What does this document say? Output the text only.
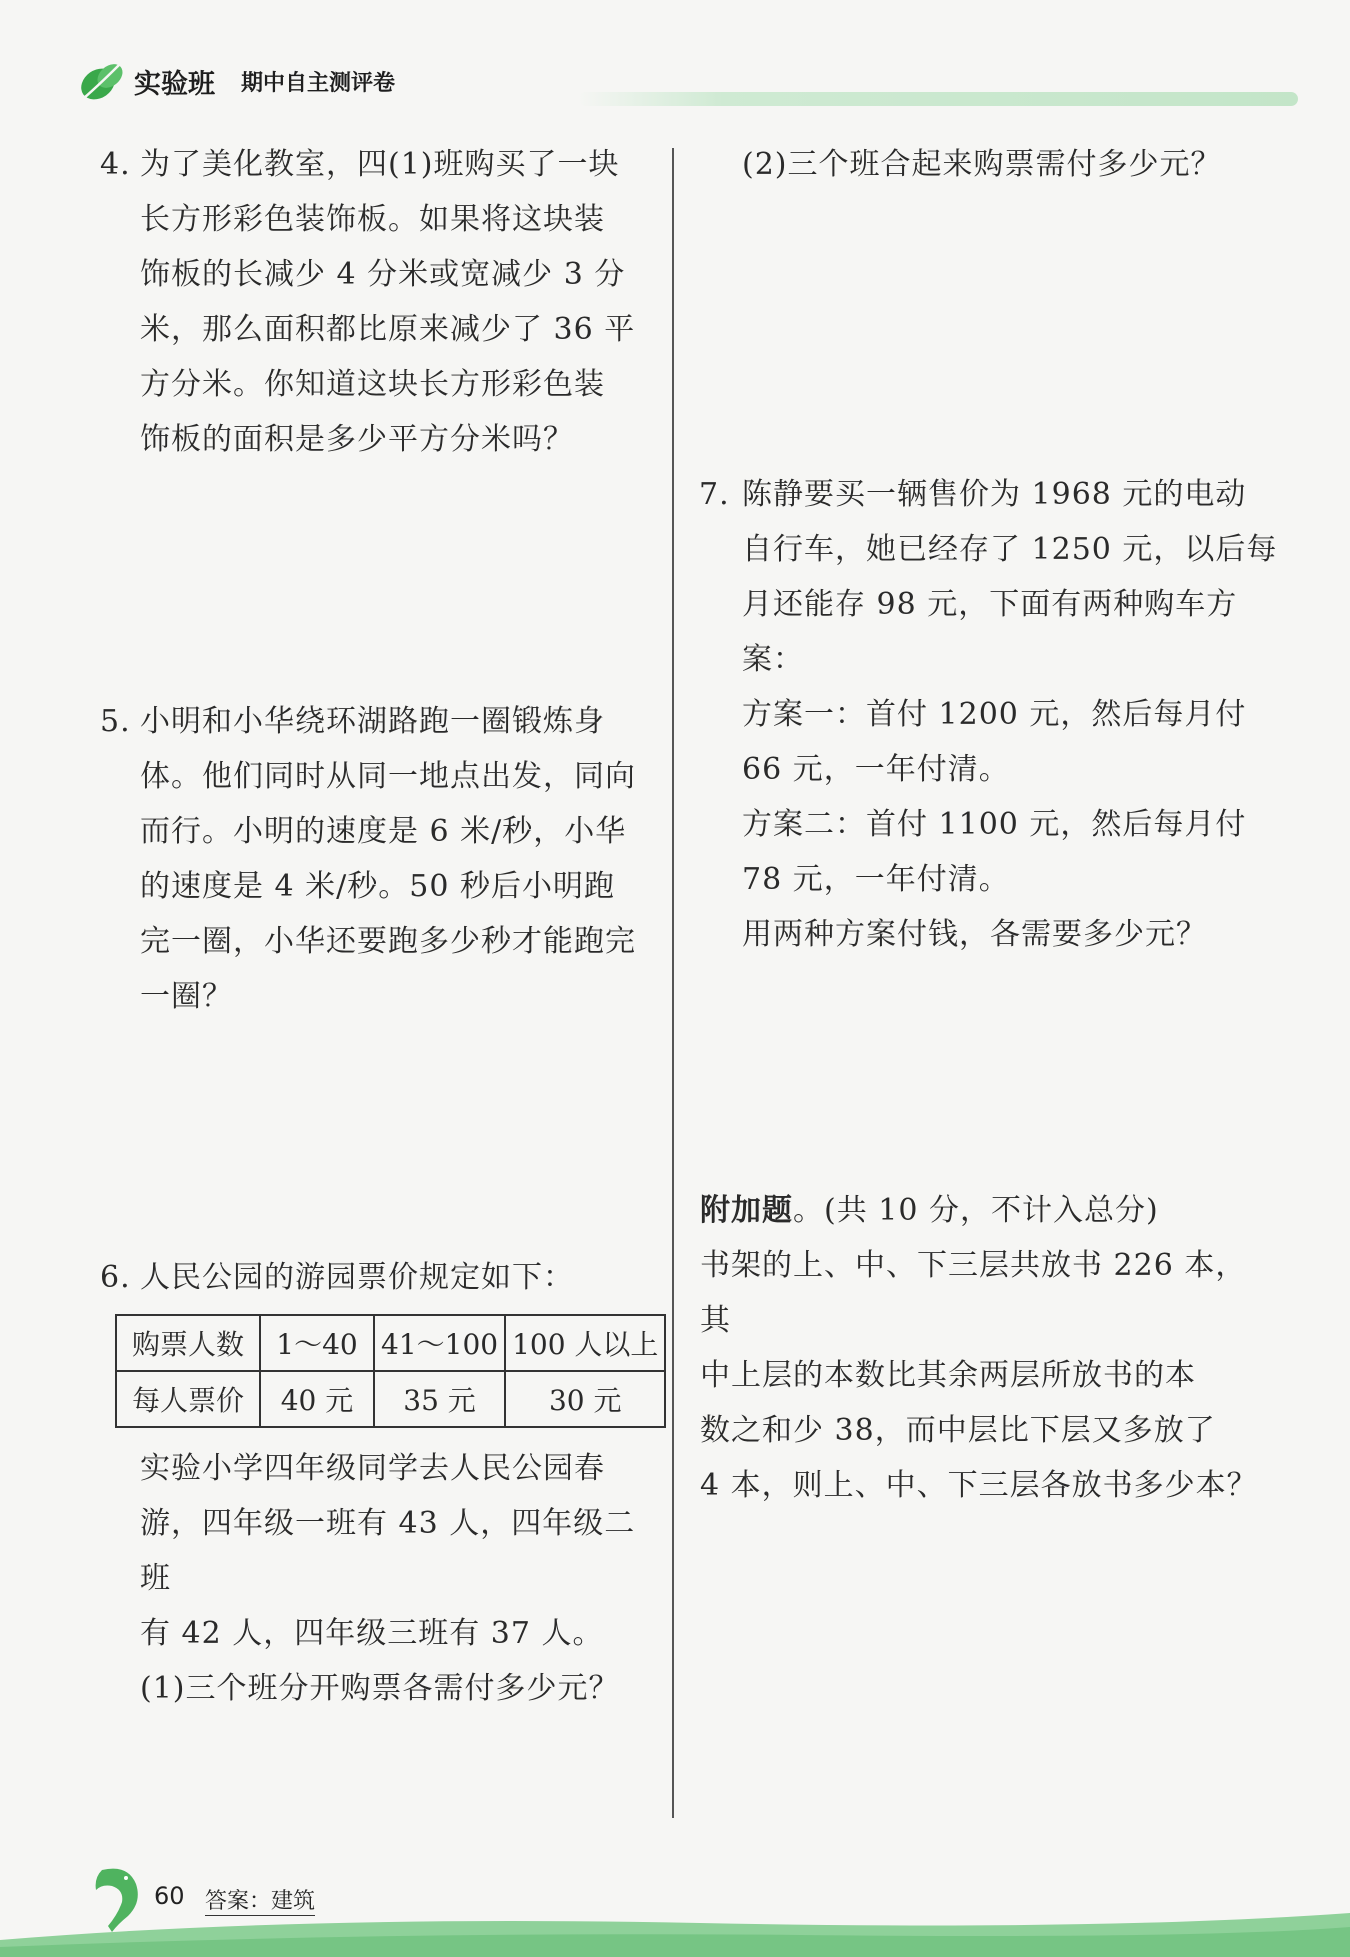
实验班 期中自主测评卷
4. 为了美化教室，四(1)班购买了一块

长方形彩色装饰板。如果将这块装

饰板的长减少 4 分米或宽减少 3 分

米，那么面积都比原来减少了 36 平

方分米。你知道这块长方形彩色装

饰板的面积是多少平方分米吗？

5. 小明和小华绕环湖路跑一圈锻炼身

体。他们同时从同一地点出发，同向

而行。小明的速度是 6 米/秒，小华

的速度是 4 米/秒。50 秒后小明跑

完一圈，小华还要跑多少秒才能跑完

一圈？

6. 人民公园的游园票价规定如下：

购票人数	1～40	41～100	100 人以上
每人票价	40 元	35 元	30 元

实验小学四年级同学去人民公园春

游，四年级一班有 43 人，四年级二班

有 42 人，四年级三班有 37 人。

(1)三个班分开购票各需付多少元？

(2)三个班合起来购票需付多少元？

7. 陈静要买一辆售价为 1968 元的电动

自行车，她已经存了 1250 元，以后每

月还能存 98 元，下面有两种购车方案：

方案一：首付 1200 元，然后每月付

66 元，一年付清。

方案二：首付 1100 元，然后每月付

78 元，一年付清。

用两种方案付钱，各需要多少元？

附加题。(共 10 分，不计入总分)

书架的上、中、下三层共放书 226 本，其

中上层的本数比其余两层所放书的本

数之和少 38，而中层比下层又多放了

4 本，则上、中、下三层各放书多少本？

60 答案：建筑
